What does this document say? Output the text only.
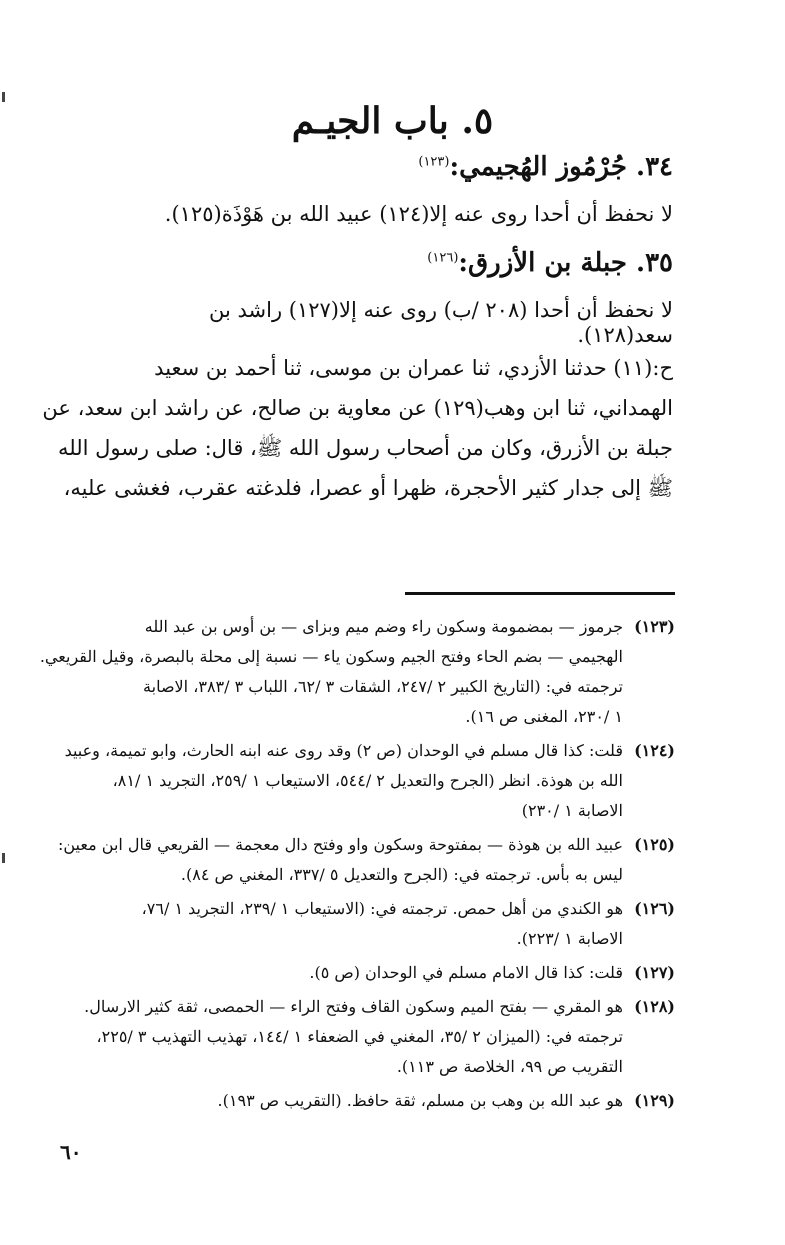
٥. باب الجيـم
٣٤. جُرْمُوز الهُجيمي:$^{(١٢٣)}$
لا نحفظ أن أحدا روى عنه إلا(١٢٤) عبيد الله بن هَوْذَة(١٢٥).
٣٥. جبلة بن الأزرق:$^{(١٢٦)}$
لا نحفظ أن أحدا (٢٠٨ /ب) روى عنه إلا(١٢٧) راشد بن سعد(١٢٨).
ح:(١١) حدثنا الأزدي، ثنا عمران بن موسى، ثنا أحمد بن سعيد
الهمداني، ثنا ابن وهب(١٢٩) عن معاوية بن صالح، عن راشد ابن سعد، عن
جبلة بن الأزرق، وكان من أصحاب رسول الله ﷺ، قال: صلى رسول الله
ﷺ إلى جدار كثير الأحجرة، ظهرا أو عصرا، فلدغته عقرب، فغشى عليه،
(١٢٣)
جرموز — بمضمومة وسكون راء وضم ميم وبزاى — بن أوس بن عبد الله
الهجيمي — بضم الحاء وفتح الجيم وسكون ياء — نسبة إلى محلة بالبصرة، وقيل القريعي.
ترجمته في: (التاريخ الكبير ٢ /٢٤٧، الشقات ٣ /٦٢، اللباب ٣ /٣٨٣، الاصابة
١ /٢٣٠، المغنى ص ١٦).
(١٢٤)
قلت: كذا قال مسلم في الوحدان (ص ٢) وقد روى عنه ابنه الحارث، وابو تميمة، وعبيد
الله بن هوذة. انظر (الجرح والتعديل ٢ /٥٤٤، الاستيعاب ١ /٢٥٩، التجريد ١ /٨١،
الاصابة ١ /٢٣٠)
(١٢٥)
عبيد الله بن هوذة — بمفتوحة وسكون واو وفتح دال معجمة — القريعي قال ابن معين:
ليس به بأس. ترجمته في: (الجرح والتعديل ٥ /٣٣٧، المغني ص ٨٤).
(١٢٦)
هو الكندي من أهل حمص. ترجمته في: (الاستيعاب ١ /٢٣٩، التجريد ١ /٧٦،
الاصابة ١ /٢٢٣).
(١٢٧)
قلت: كذا قال الامام مسلم في الوحدان (ص ٥).
(١٢٨)
هو المقري — بفتح الميم وسكون القاف وفتح الراء — الحمصى، ثقة كثير الارسال.
ترجمته في: (الميزان ٢ /٣٥، المغني في الضعفاء ١ /١٤٤، تهذيب التهذيب ٣ /٢٢٥،
التقريب ص ٩٩، الخلاصة ص ١١٣).
(١٢٩)
هو عبد الله بن وهب بن مسلم، ثقة حافظ. (التقريب ص ١٩٣).
٦٠
